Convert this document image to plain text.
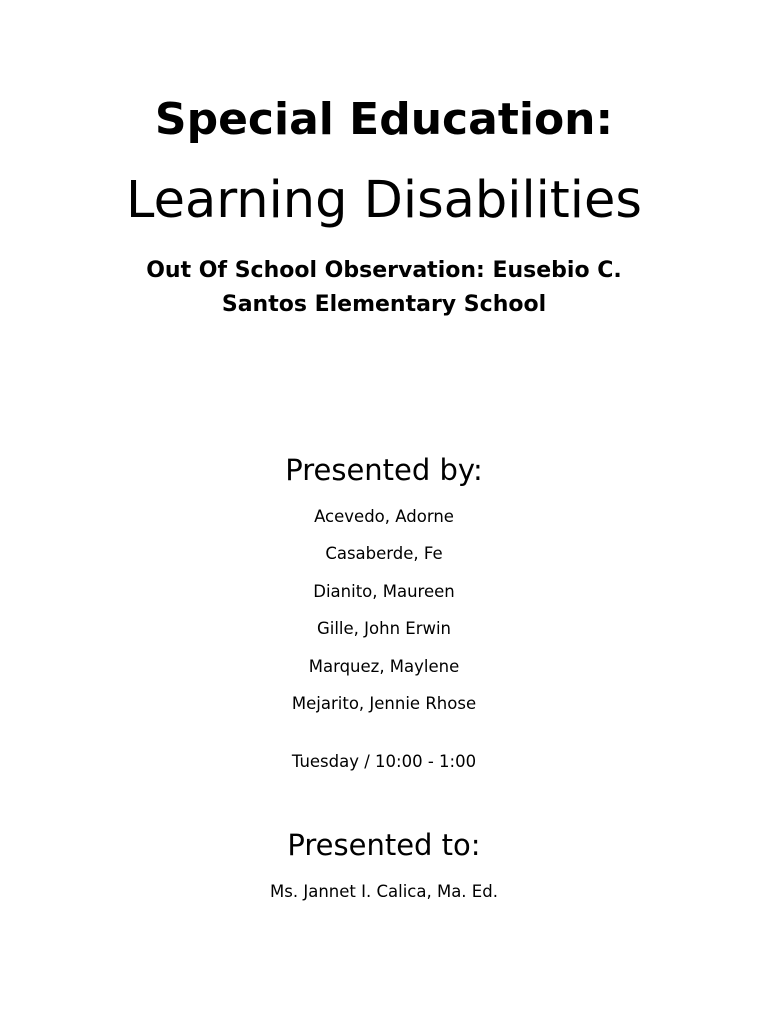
Special Education:
Learning Disabilities
Out Of School Observation: Eusebio C.
Santos Elementary School
Presented by:
Acevedo, Adorne
Casaberde, Fe
Dianito, Maureen
Gille, John Erwin
Marquez, Maylene
Mejarito, Jennie Rhose
Tuesday / 10:00 - 1:00
Presented to:
Ms. Jannet I. Calica, Ma. Ed.
